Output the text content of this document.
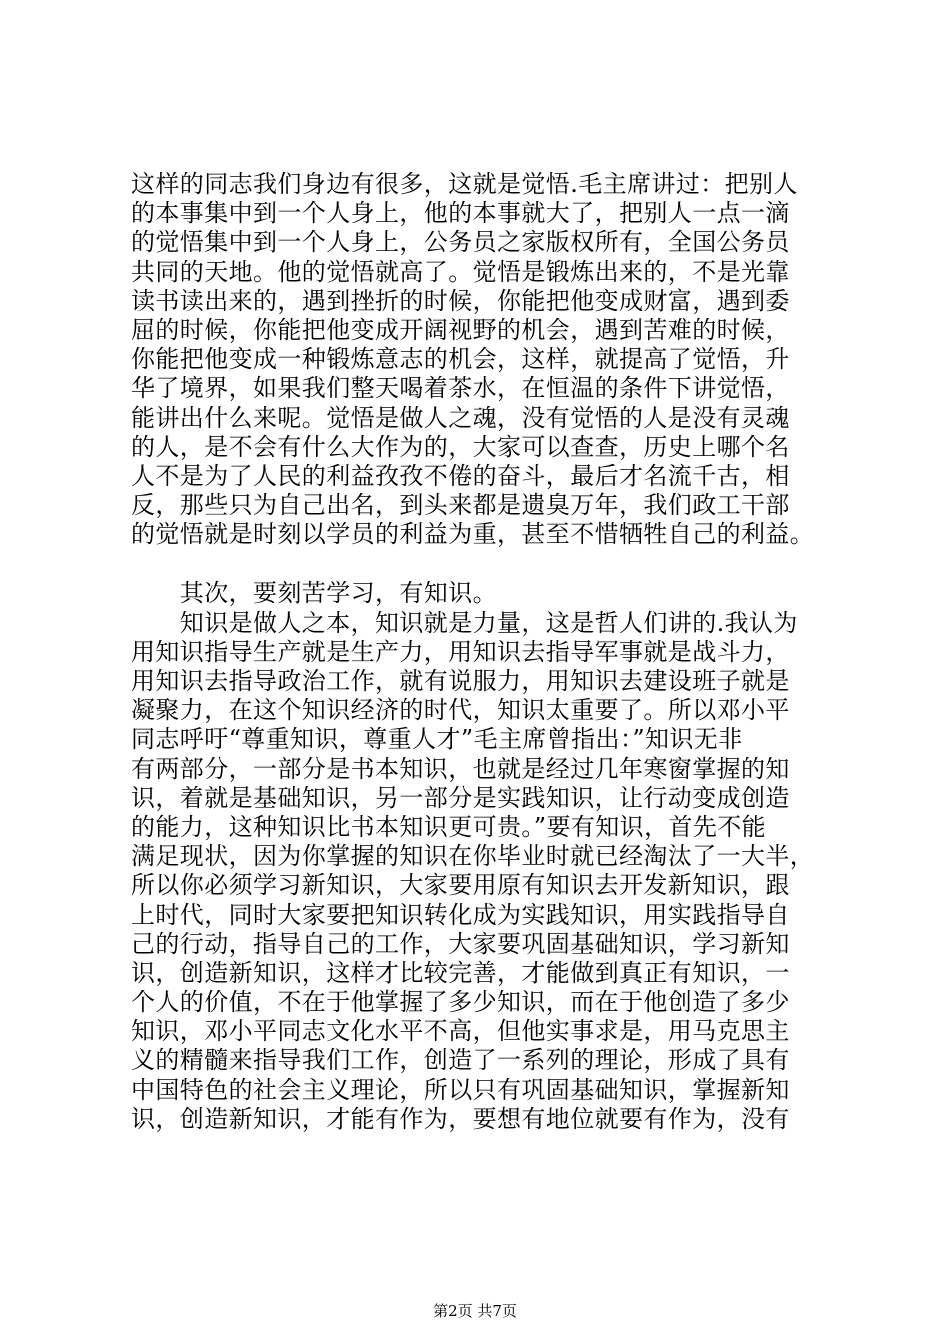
这样的同志我们身边有很多，这就是觉悟.毛主席讲过：把别人
的本事集中到一个人身上，他的本事就大了，把别人一点一滴
的觉悟集中到一个人身上，公务员之家版权所有，全国公务员
共同的天地。他的觉悟就高了。觉悟是锻炼出来的，不是光靠
读书读出来的，遇到挫折的时候，你能把他变成财富，遇到委
屈的时候，你能把他变成开阔视野的机会，遇到苦难的时候，
你能把他变成一种锻炼意志的机会，这样，就提高了觉悟，升
华了境界，如果我们整天喝着茶水，在恒温的条件下讲觉悟，
能讲出什么来呢。觉悟是做人之魂，没有觉悟的人是没有灵魂
的人，是不会有什么大作为的，大家可以查查，历史上哪个名
人不是为了人民的利益孜孜不倦的奋斗，最后才名流千古，相
反，那些只为自己出名，到头来都是遗臭万年，我们政工干部
的觉悟就是时刻以学员的利益为重，甚至不惜牺牲自己的利益。
　　其次，要刻苦学习，有知识。
　　知识是做人之本，知识就是力量，这是哲人们讲的.我认为
用知识指导生产就是生产力，用知识去指导军事就是战斗力，
用知识去指导政治工作，就有说服力，用知识去建设班子就是
凝聚力，在这个知识经济的时代，知识太重要了。所以邓小平
同志呼吁“尊重知识，尊重人才”毛主席曾指出：”知识无非
有两部分，一部分是书本知识，也就是经过几年寒窗掌握的知
识，着就是基础知识，另一部分是实践知识，让行动变成创造
的能力，这种知识比书本知识更可贵。”要有知识，首先不能
满足现状，因为你掌握的知识在你毕业时就已经淘汰了一大半，
所以你必须学习新知识，大家要用原有知识去开发新知识，跟
上时代，同时大家要把知识转化成为实践知识，用实践指导自
己的行动，指导自己的工作，大家要巩固基础知识，学习新知
识，创造新知识，这样才比较完善，才能做到真正有知识，一
个人的价值，不在于他掌握了多少知识，而在于他创造了多少
知识，邓小平同志文化水平不高，但他实事求是，用马克思主
义的精髓来指导我们工作，创造了一系列的理论，形成了具有
中国特色的社会主义理论，所以只有巩固基础知识，掌握新知
识，创造新知识，才能有作为，要想有地位就要有作为，没有
第2页 共7页
